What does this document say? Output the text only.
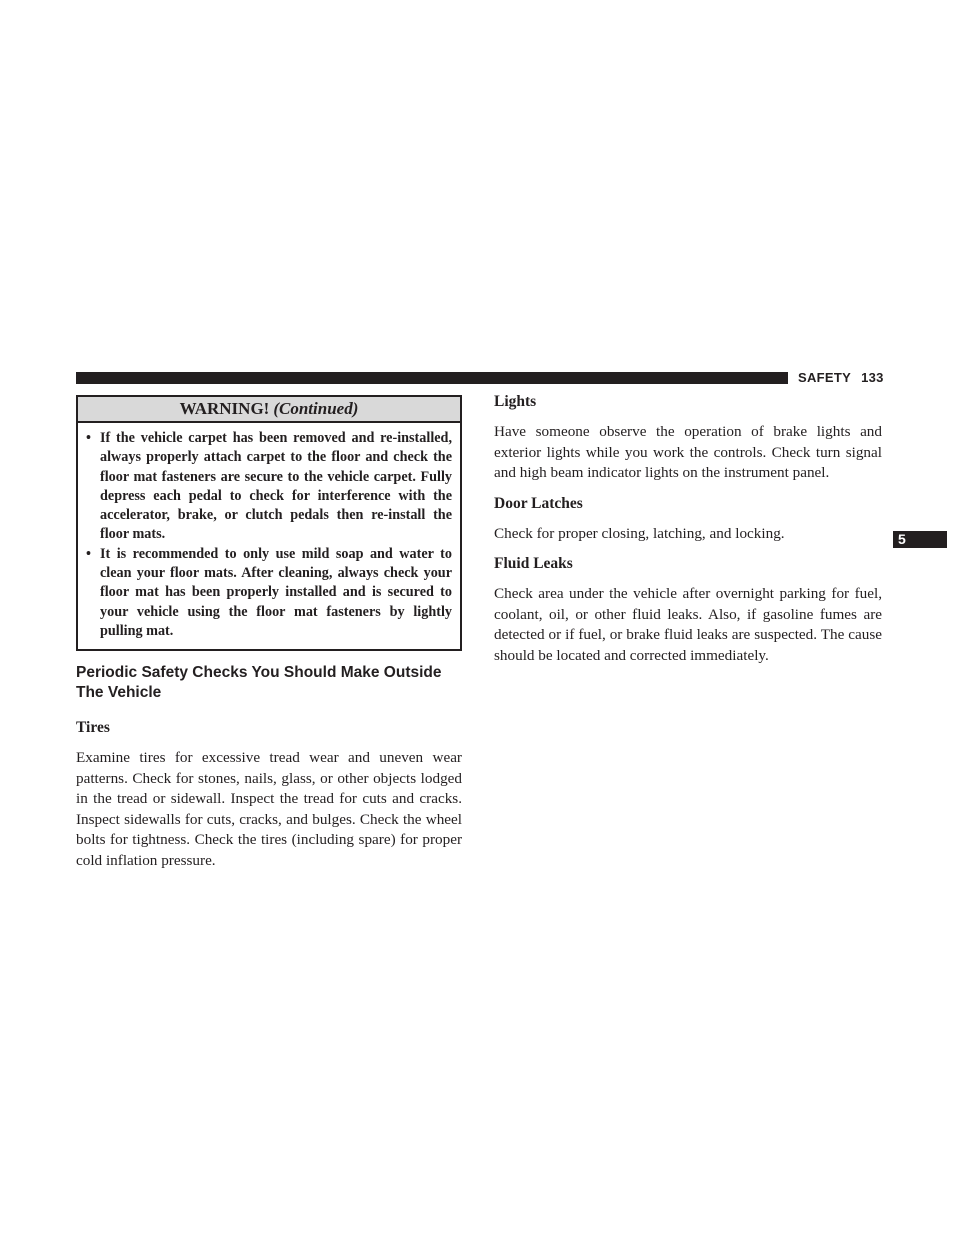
SAFETY 133
5
WARNING! (Continued)
• If the vehicle carpet has been removed and re-installed, always properly attach carpet to the floor and check the floor mat fasteners are secure to the vehicle carpet. Fully depress each pedal to check for interference with the accelerator, brake, or clutch pedals then re-install the floor mats.
• It is recommended to only use mild soap and water to clean your floor mats. After cleaning, always check your floor mat has been properly installed and is secured to your vehicle using the floor mat fasteners by lightly pulling mat.
Periodic Safety Checks You Should Make Outside The Vehicle
Tires

Examine tires for excessive tread wear and uneven wear patterns. Check for stones, nails, glass, or other objects lodged in the tread or sidewall. Inspect the tread for cuts and cracks. Inspect sidewalls for cuts, cracks, and bulges. Check the wheel bolts for tightness. Check the tires (including spare) for proper cold inflation pressure.

Lights

Have someone observe the operation of brake lights and exterior lights while you work the controls. Check turn signal and high beam indicator lights on the instrument panel.

Door Latches

Check for proper closing, latching, and locking.

Fluid Leaks

Check area under the vehicle after overnight parking for fuel, coolant, oil, or other fluid leaks. Also, if gasoline fumes are detected or if fuel, or brake fluid leaks are suspected. The cause should be located and corrected immediately.
